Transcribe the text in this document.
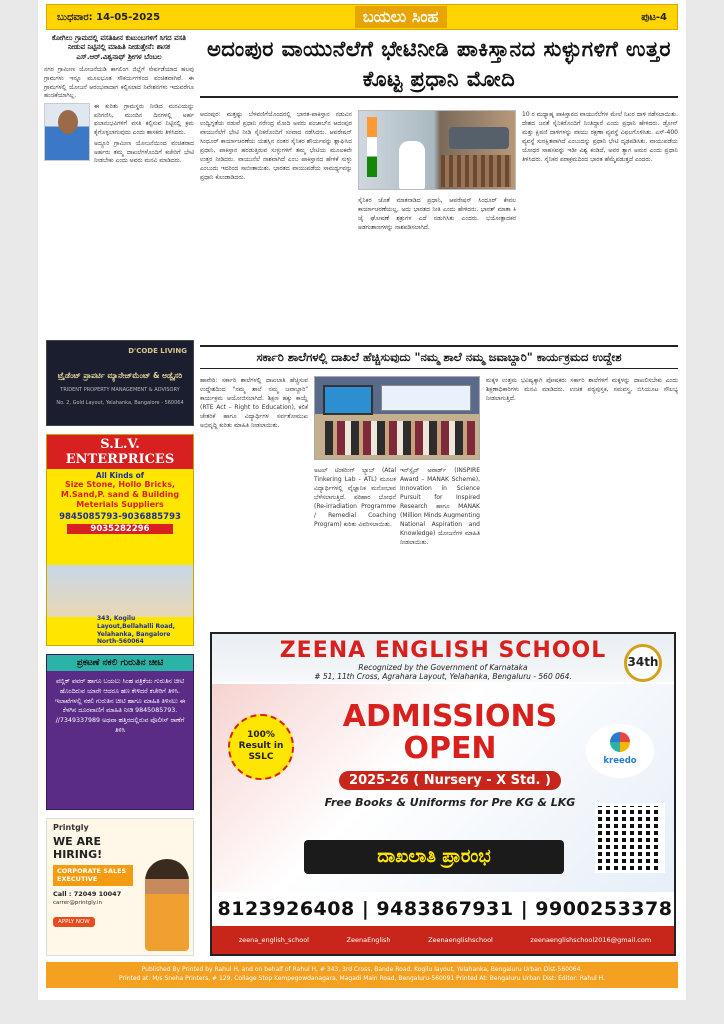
ಬುಧವಾರ: 14-05-2025	ಬಯಲು ಸಿಂಹ	ಪುಟ-4
ಕೋಗಿಲು ಗ್ರಾಮದಲ್ಲಿ ವಸತಿಹೀನ ಕುಟುಂಬಗಳಿಗೆ ಸಿಗದ ವಸತಿ ನೀಡುವ ನಿಟ್ಟಿನಲ್ಲಿ ಮಾಹಿತಿ ನೀಡುತ್ತೇನೆ: ಶಾಸಕ ಎಸ್.ಆರ್.ವಿಶ್ವನಾಥ್ ಶ್ರೀಗಳ ಬೆಂಬಲ

ನಗರ ಗ್ರಾಮೀಣ ಯೋಜನೆಯಡಿ ಕಾಗಲಿಂಗ ಜಿಲ್ಲೆಗೆ ಸೇರ್ಪಡೆಯಾದ ಹಲವು ಗ್ರಾಮಗಳು ಇನ್ನೂ ಮೂಲಭೂತ ಸೌಕರ್ಯಗಳಿಂದ ವಂಚಿತವಾಗಿವೆ. ಈ ಗ್ರಾಮಗಳಲ್ಲಿ ಯೋಜನೆ ಆರಂಭವಾದಾಗ ಕಲ್ಪಿಸಲಾದ ನಿವೇಶನಗಳು ಇದುವರೆಗೂ ಹಂಚಿಕೆಯಾಗಿಲ್ಲ.

ಈ ಕುರಿತು ಗ್ರಾಮಸ್ಥರು ನೀಡಿದ ಮನವಿಯನ್ನು ಪರಿಗಣಿಸಿ, ಮುಂದಿನ ದಿನಗಳಲ್ಲಿ ಅರ್ಹ ಫಲಾನುಭವಿಗಳಿಗೆ ವಸತಿ ಕಲ್ಪಿಸುವ ನಿಟ್ಟಿನಲ್ಲಿ ಕ್ರಮ ಕೈಗೊಳ್ಳಲಾಗುವುದು ಎಂದು ಶಾಸಕರು ತಿಳಿಸಿದರು.

ಅದ್ದೂರಿ ಗ್ರಾಮೀಣ ಯೋಜನೆಯಿಂದ ವಂಚಿತರಾದ ಅರ್ಹರು ತಮ್ಮ ದಾಖಲೆಗಳೊಂದಿಗೆ ಕಚೇರಿಗೆ ಭೇಟಿ ನೀಡಬೇಕು ಎಂದು ಅವರು ಮನವಿ ಮಾಡಿದರು.

D'CODE LIVING
ಟ್ರೈಡೆಂಟ್ ಪ್ರಾಪರ್ಟಿ ಮ್ಯಾನೇಜ್‌ಮೆಂಟ್ & ಅಡ್ವೈಸರಿ
TRIDENT PROPERTY MANAGEMENT & ADVISORY
No. 2, Gold Layout, Yelahanka, Bangalore - 560064
S.L.V. ENTERPRICES
All Kinds of
Size Stone, Hollo Bricks, M.Sand,P. sand & Building Meterials Suppliers
9845085793-9036885793
9035282296
343, Kogilu Layout,Bellahalli Road, Yelahanka, Bangalore North-560064
ಪ್ರಕಟಣೆ ನಕಲಿ ಗುರುತಿನ ಚೀಟಿ
ಪಬ್ಲಿಕ್ ಪವರ್ ಹಾಗೂ ಬಯಲು ಸಿಂಹ ಪತ್ರಿಕೆಯ ಗುರುತಿನ ಚೀಟಿ ಹೊಂದಿರುವ ಯಾರೇ ಆದರೂ ಹಣ ಕೇಳಿದರೆ ಕಚೇರಿಗೆ ತಿಳಿಸಿ. ಇಲಾಖೆಗಳಲ್ಲಿ ನಕಲಿ ಗುರುತಿನ ಚೀಟಿ ಹಾಗೂ ಮಾಹಿತಿ ತಿಳಿಸಲು ಈ ಕೆಳಗಿನ ದೂರವಾಣಿಗೆ ಮಾಹಿತಿ ನೀಡಿ 9845085793. //7349337989 ಅಥವಾ ಹತ್ತಿರದಲ್ಲಿರುವ ಪೊಲೀಸ್ ಠಾಣೆಗೆ ತಿಳಿಸಿ
Printgly
WE ARE HIRING!
CORPORATE SALES EXECUTIVE
Call : 72049 10047
carrer@printgly.in
APPLY NOW
ಅದಂಪುರ ವಾಯುನೆಲೆಗೆ ಭೇಟಿನೀಡಿ ಪಾಕಿಸ್ತಾನದ ಸುಳ್ಳುಗಳಿಗೆ ಉತ್ತರ ಕೊಟ್ಟ ಪ್ರಧಾನಿ ಮೋದಿ
ಆದಂಪುರ: ಮತ್ತಷ್ಟು ಬೆಳವಣಿಗೆಯೊಂದರಲ್ಲಿ ಭಾರತ-ಪಾಕಿಸ್ತಾನ ನಡುವಿನ ಉದ್ವಿಗ್ನತೆಯ ನಡುವೆ ಪ್ರಧಾನಿ ನರೇಂದ್ರ ಮೋದಿ ಅವರು ಪಂಜಾಬ್‌ನ ಆದಂಪುರ ವಾಯುನೆಲೆಗೆ ಭೇಟಿ ನೀಡಿ ಸೈನಿಕರೊಂದಿಗೆ ಸಂವಾದ ನಡೆಸಿದರು. ಆಪರೇಷನ್ ಸಿಂಧೂರ್ ಕಾರ್ಯಾಚರಣೆಯ ಯಶಸ್ಸಿನ ನಂತರ ಸೈನಿಕರ ಶೌರ್ಯವನ್ನು ಶ್ಲಾಘಿಸಿದ ಪ್ರಧಾನಿ, ಪಾಕಿಸ್ತಾನ ಹರಡುತ್ತಿರುವ ಸುಳ್ಳುಗಳಿಗೆ ತಮ್ಮ ಭೇಟಿಯ ಮೂಲಕವೇ ಉತ್ತರ ನೀಡಿದರು. ವಾಯುನೆಲೆ ನಾಶವಾಗಿದೆ ಎಂಬ ಪಾಕಿಸ್ತಾನದ ಹೇಳಿಕೆ ಸುಳ್ಳು ಎಂಬುದು ಇದರಿಂದ ಸಾಬೀತಾಯಿತು. ಭಾರತದ ವಾಯುಪಡೆಯ ಸಾಮರ್ಥ್ಯವನ್ನು ಪ್ರಧಾನಿ ಕೊಂಡಾಡಿದರು.
ಸೈನಿಕರ ಜೊತೆ ಮಾತನಾಡಿದ ಪ್ರಧಾನಿ, ಆಪರೇಷನ್ ಸಿಂಧೂರ್ ಕೇವಲ ಕಾರ್ಯಾಚರಣೆಯಲ್ಲ, ಅದು ಭಾರತದ ನೀತಿ ಎಂದು ಹೇಳಿದರು. ಭಾರತ್ ಮಾತಾ ಕಿ ಜೈ ಘೋಷಣೆ ಶತ್ರುಗಳ ಎದೆ ನಡುಗಿಸಿತು ಎಂದರು. ಭಯೋತ್ಪಾದಕರ ಅಡಗುತಾಣಗಳನ್ನು ನಾಶಪಡಿಸಲಾಗಿದೆ.
10 ರ ಮಧ್ಯಾಹ್ನ ಪಾಕಿಸ್ತಾನದ ವಾಯುನೆಲೆಗಳ ಮೇಲೆ ನಿಖರ ದಾಳಿ ನಡೆಸಲಾಯಿತು. ದೇಶದ ಜನತೆ ಸೈನಿಕರೊಂದಿಗೆ ನಿಂತಿದ್ದಾರೆ ಎಂದು ಪ್ರಧಾನಿ ಹೇಳಿದರು. ಡ್ರೋನ್ ಮತ್ತು ಕ್ಷಿಪಣಿ ದಾಳಿಗಳನ್ನು ವಾಯು ರಕ್ಷಣಾ ವ್ಯವಸ್ಥೆ ವಿಫಲಗೊಳಿಸಿತು. ಎಸ್-400 ವ್ಯವಸ್ಥೆ ಸುರಕ್ಷಿತವಾಗಿದೆ ಎಂಬುದನ್ನು ಪ್ರಧಾನಿ ಭೇಟಿ ದೃಢಪಡಿಸಿತು. ವಾಯುಪಡೆಯ ಯೋಧರ ಸಾಹಸವನ್ನು ಇಡೀ ವಿಶ್ವ ಕಂಡಿದೆ, ಅವರ ತ್ಯಾಗ ಅಮರ ಎಂದು ಪ್ರಧಾನಿ ತಿಳಿಸಿದರು. ಸೈನಿಕರ ಪರಾಕ್ರಮದಿಂದ ಭಾರತ ಹೆಮ್ಮೆಪಡುತ್ತದೆ ಎಂದರು.
ಸರ್ಕಾರಿ ಶಾಲೆಗಳಲ್ಲಿ ದಾಖಲೆ ಹೆಚ್ಚಿಸುವುದು "ನಮ್ಮ ಶಾಲೆ ನಮ್ಮ ಜವಾಬ್ದಾರಿ" ಕಾರ್ಯಕ್ರಮದ ಉದ್ದೇಶ
ಹಾವೇರಿ: ಸರ್ಕಾರಿ ಶಾಲೆಗಳಲ್ಲಿ ದಾಖಲಾತಿ ಹೆಚ್ಚಿಸುವ ಉದ್ದೇಶದಿಂದ "ನಮ್ಮ ಶಾಲೆ ನಮ್ಮ ಜವಾಬ್ದಾರಿ" ಕಾರ್ಯಕ್ರಮ ಆಯೋಜಿಸಲಾಗಿದೆ. ಶಿಕ್ಷಣ ಹಕ್ಕು ಕಾಯ್ದೆ (RTE Act – Right to Education), ಕಲಿಕೆ ಚೇತರಿಕೆ ಹಾಗೂ ವಿದ್ಯಾರ್ಥಿಗಳ ಸರ್ವತೋಮುಖ ಅಭಿವೃದ್ಧಿ ಕುರಿತು ಮಾಹಿತಿ ನೀಡಲಾಯಿತು.
ಅಟಲ್ ಟಿಂಕರಿಂಗ್ ಲ್ಯಾಬ್ (Atal Tinkering Lab - ATL) ಮೂಲಕ ವಿದ್ಯಾರ್ಥಿಗಳಲ್ಲಿ ವೈಜ್ಞಾನಿಕ ಮನೋಭಾವ ಬೆಳೆಸಲಾಗುತ್ತಿದೆ. ಪರಿಹಾರ ಬೋಧನೆ (Re-irradiation Programme / Remedial Coaching Program) ಕುರಿತು ವಿವರಿಸಲಾಯಿತು.
ಇನ್‌ಸ್ಪೈರ್ ಅವಾರ್ಡ್ (INSPIRE Award – MANAK Scheme), Innovation in Science Pursuit for Inspired Research ಹಾಗೂ MANAK (Million Minds Augmenting National Aspiration and Knowledge) ಯೋಜನೆಗಳ ಮಾಹಿತಿ ನೀಡಲಾಯಿತು.
ಮಕ್ಕಳ ಉತ್ತಮ ಭವಿಷ್ಯಕ್ಕಾಗಿ ಪೋಷಕರು ಸರ್ಕಾರಿ ಶಾಲೆಗಳಿಗೆ ಮಕ್ಕಳನ್ನು ದಾಖಲಿಸಬೇಕು ಎಂದು ಶಿಕ್ಷಣಾಧಿಕಾರಿಗಳು ಮನವಿ ಮಾಡಿದರು. ಉಚಿತ ಪಠ್ಯಪುಸ್ತಕ, ಸಮವಸ್ತ್ರ, ಬಿಸಿಯೂಟ ಸೌಲಭ್ಯ ನೀಡಲಾಗುತ್ತಿದೆ.
ZEENA ENGLISH SCHOOL
Recognized by the Government of Karnataka
# 51, 11th Cross, Agrahara Layout, Yelahanka, Bengaluru - 560 064.
34th
100% Result in SSLC
ADMISSIONS
OPEN
2025-26 ( Nursery - X Std. )
Free Books & Uniforms for Pre KG & LKG
kreedo
ದಾಖಲಾತಿ ಪ್ರಾರಂಭ
8123926408 | 9483867931 | 9900253378
zeena_english_school	ZeenaEnglish	Zeenaenglishschool	zeenaenglishschool2016@gmail.com
Published By Printed by Rahul H, and on behalf of Rahul H, # 343, 3rd Cross, Bande Road, Kogilu layout, Yelahanka, Bengaluru Urban Dist-560064.
Printed at: M/s Sneha Printers, # 129, Collage Stop Kempegowdanagara, Magadi Main Road, Bengaluru-560091 Printed At: Bengaluru Urban Dist: Editor: Rahul H.
